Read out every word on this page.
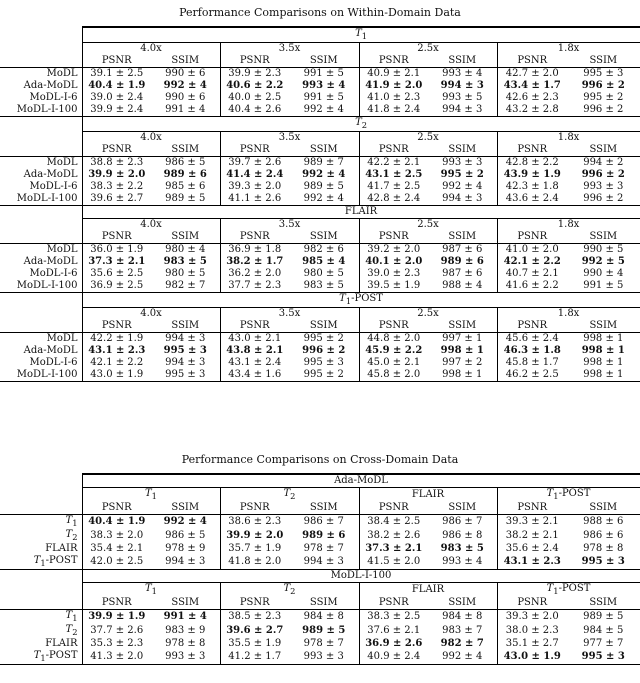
Performance Comparisons on Within-Domain Data
	$T_1$
	4.0x		3.5x		2.5x		1.8x	
	PSNR	SSIM	PSNR	SSIM	PSNR	SSIM	PSNR	SSIM
MoDL	39.1 ± 2.5	990 ± 6	39.9 ± 2.3	991 ± 5	40.9 ± 2.1	993 ± 4	42.7 ± 2.0	995 ± 3
Ada-MoDL	40.4 ± 1.9	992 ± 4	40.6 ± 2.2	993 ± 4	41.9 ± 2.0	994 ± 3	43.4 ± 1.7	996 ± 2
MoDL-I-6	39.0 ± 2.4	990 ± 6	40.0 ± 2.5	991 ± 5	41.0 ± 2.3	993 ± 5	42.6 ± 2.3	995 ± 2
MoDL-I-100	39.9 ± 2.4	991 ± 4	40.4 ± 2.6	992 ± 4	41.8 ± 2.4	994 ± 3	43.2 ± 2.8	996 ± 2
	$T_2$
	4.0x		3.5x		2.5x		1.8x	
	PSNR	SSIM	PSNR	SSIM	PSNR	SSIM	PSNR	SSIM
MoDL	38.8 ± 2.3	986 ± 5	39.7 ± 2.6	989 ± 7	42.2 ± 2.1	993 ± 3	42.8 ± 2.2	994 ± 2
Ada-MoDL	39.9 ± 2.0	989 ± 6	41.4 ± 2.4	992 ± 4	43.1 ± 2.5	995 ± 2	43.9 ± 1.9	996 ± 2
MoDL-I-6	38.3 ± 2.2	985 ± 6	39.3 ± 2.0	989 ± 5	41.7 ± 2.5	992 ± 4	42.3 ± 1.8	993 ± 3
MoDL-I-100	39.6 ± 2.7	989 ± 5	41.1 ± 2.6	992 ± 4	42.8 ± 2.4	994 ± 3	43.6 ± 2.4	996 ± 2
	FLAIR							
	4.0x		3.5x		2.5x		1.8x	
	PSNR	SSIM	PSNR	SSIM	PSNR	SSIM	PSNR	SSIM
MoDL	36.0 ± 1.9	980 ± 4	36.9 ± 1.8	982 ± 6	39.2 ± 2.0	987 ± 6	41.0 ± 2.0	990 ± 5
Ada-MoDL	37.3 ± 2.1	983 ± 5	38.2 ± 1.7	985 ± 4	40.1 ± 2.0	989 ± 6	42.1 ± 2.2	992 ± 5
MoDL-I-6	35.6 ± 2.5	980 ± 5	36.2 ± 2.0	980 ± 5	39.0 ± 2.3	987 ± 6	40.7 ± 2.1	990 ± 4
MoDL-I-100	36.9 ± 2.5	982 ± 7	37.7 ± 2.3	983 ± 5	39.5 ± 1.9	988 ± 4	41.6 ± 2.2	991 ± 5
	$T_1$-POST							
	4.0x		3.5x		2.5x		1.8x	
	PSNR	SSIM	PSNR	SSIM	PSNR	SSIM	PSNR	SSIM
MoDL	42.2 ± 1.9	994 ± 3	43.0 ± 2.1	995 ± 2	44.8 ± 2.0	997 ± 1	45.6 ± 2.4	998 ± 1
Ada-MoDL	43.1 ± 2.3	995 ± 3	43.8 ± 2.1	996 ± 2	45.9 ± 2.2	998 ± 1	46.3 ± 1.8	998 ± 1
MoDL-I-6	42.1 ± 2.2	994 ± 3	43.1 ± 2.4	995 ± 3	45.0 ± 2.1	997 ± 2	45.8 ± 1.7	998 ± 1
MoDL-I-100	43.0 ± 1.9	995 ± 3	43.4 ± 1.6	995 ± 2	45.8 ± 2.0	998 ± 1	46.2 ± 2.5	998 ± 1
Performance Comparisons on Cross-Domain Data
	Ada-MoDL							
	$T_1$		$T_2$		FLAIR		$T_1$-POST	
	PSNR	SSIM	PSNR	SSIM	PSNR	SSIM	PSNR	SSIM
$T_1$	40.4 ± 1.9	992 ± 4	38.6 ± 2.3	986 ± 7	38.4 ± 2.5	986 ± 7	39.3 ± 2.1	988 ± 6
$T_2$	38.3 ± 2.0	986 ± 5	39.9 ± 2.0	989 ± 6	38.2 ± 2.6	986 ± 8	38.2 ± 2.1	986 ± 6
FLAIR	35.4 ± 2.1	978 ± 9	35.7 ± 1.9	978 ± 7	37.3 ± 2.1	983 ± 5	35.6 ± 2.4	978 ± 8
$T_1$-POST	42.0 ± 2.5	994 ± 3	41.8 ± 2.0	994 ± 3	41.5 ± 2.0	993 ± 4	43.1 ± 2.3	995 ± 3
	MoDL-I-100							
	$T_1$		$T_2$		FLAIR		$T_1$-POST	
	PSNR	SSIM	PSNR	SSIM	PSNR	SSIM	PSNR	SSIM
$T_1$	39.9 ± 1.9	991 ± 4	38.5 ± 2.3	984 ± 8	38.3 ± 2.5	984 ± 8	39.3 ± 2.0	989 ± 5
$T_2$	37.7 ± 2.6	983 ± 9	39.6 ± 2.7	989 ± 5	37.6 ± 2.1	983 ± 7	38.0 ± 2.3	984 ± 5
FLAIR	35.3 ± 2.3	978 ± 8	35.5 ± 1.9	978 ± 7	36.9 ± 2.6	982 ± 7	35.1 ± 2.7	977 ± 7
$T_1$-POST	41.3 ± 2.0	993 ± 3	41.2 ± 1.7	993 ± 3	40.9 ± 2.4	992 ± 4	43.0 ± 1.9	995 ± 3
